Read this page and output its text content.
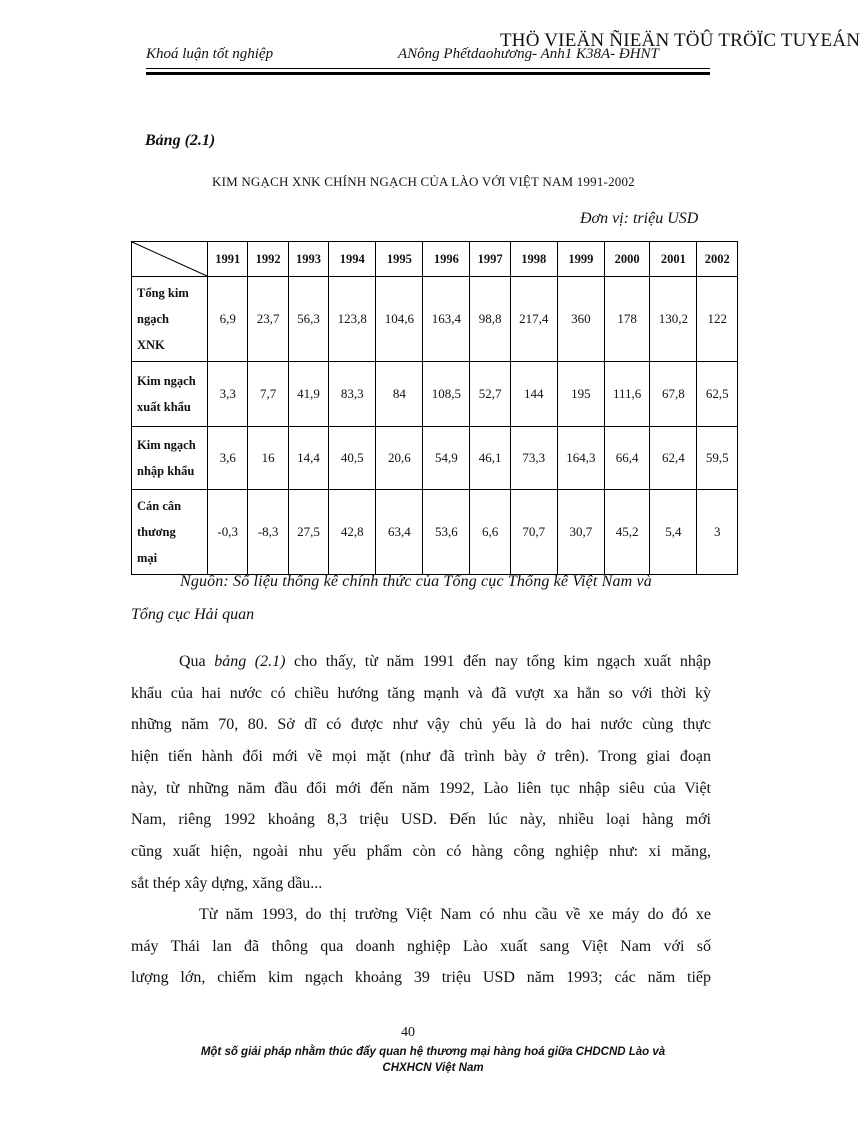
Khoá luận tốt nghiệp	ANông Phếtdaohương- Anh1 K38A- ĐHNT
THÖ VIEÄN ÑIEÄN TÖÛ TRÖÏC TUYEÁN
Bảng (2.1)
KIM NGẠCH XNK CHÍNH NGẠCH CỦA LÀO VỚI VIỆT NAM 1991-2002
Đơn vị: triệu USD
	1991	1992	1993	1994	1995	1996	1997	1998	1999	2000	2001	2002

Tổng kim
ngạch
XNK	6,9	23,7	56,3	123,8	104,6	163,4	98,8	217,4	360	178	130,2	122

Kim ngạch
xuất khẩu	3,3	7,7	41,9	83,3	84	108,5	52,7	144	195	111,6	67,8	62,5

Kim ngạch
nhập khẩu	3,6	16	14,4	40,5	20,6	54,9	46,1	73,3	164,3	66,4	62,4	59,5

Cán cân
thương
mại	-0,3	-8,3	27,5	42,8	63,4	53,6	6,6	70,7	30,7	45,2	5,4	3
Nguồn: Số liệu thống kê chính thức của Tổng cục Thống kê Việt Nam và
Tổng cục Hải quan
Qua bảng (2.1) cho thấy, từ năm 1991 đến nay tổng kim ngạch xuất nhập
khẩu của hai nước có chiều hướng tăng mạnh và đã vượt xa hẳn so với thời kỳ
những năm 70, 80. Sở dĩ có được như vậy chủ yếu là do hai nước cùng thực
hiện tiến hành đổi mới về mọi mặt (như đã trình bày ở trên). Trong giai đoạn
này, từ những năm đầu đổi mới đến năm 1992, Lào liên tục nhập siêu của Việt
Nam, riêng 1992 khoảng 8,3 triệu USD. Đến lúc này, nhiều loại hàng mới
cũng xuất hiện, ngoài nhu yếu phẩm còn có hàng công nghiệp như: xi măng,
sắt thép xây dựng, xăng dầu...
Từ năm 1993, do thị trường Việt Nam có nhu cầu về xe máy do đó xe
máy Thái lan đã thông qua doanh nghiệp Lào xuất sang Việt Nam với số
lượng lớn, chiếm kim ngạch khoảng 39 triệu USD năm 1993; các năm tiếp
40
Một số giải pháp nhằm thúc đẩy quan hệ thương mại hàng hoá giữa CHDCND Lào và
CHXHCN Việt Nam
